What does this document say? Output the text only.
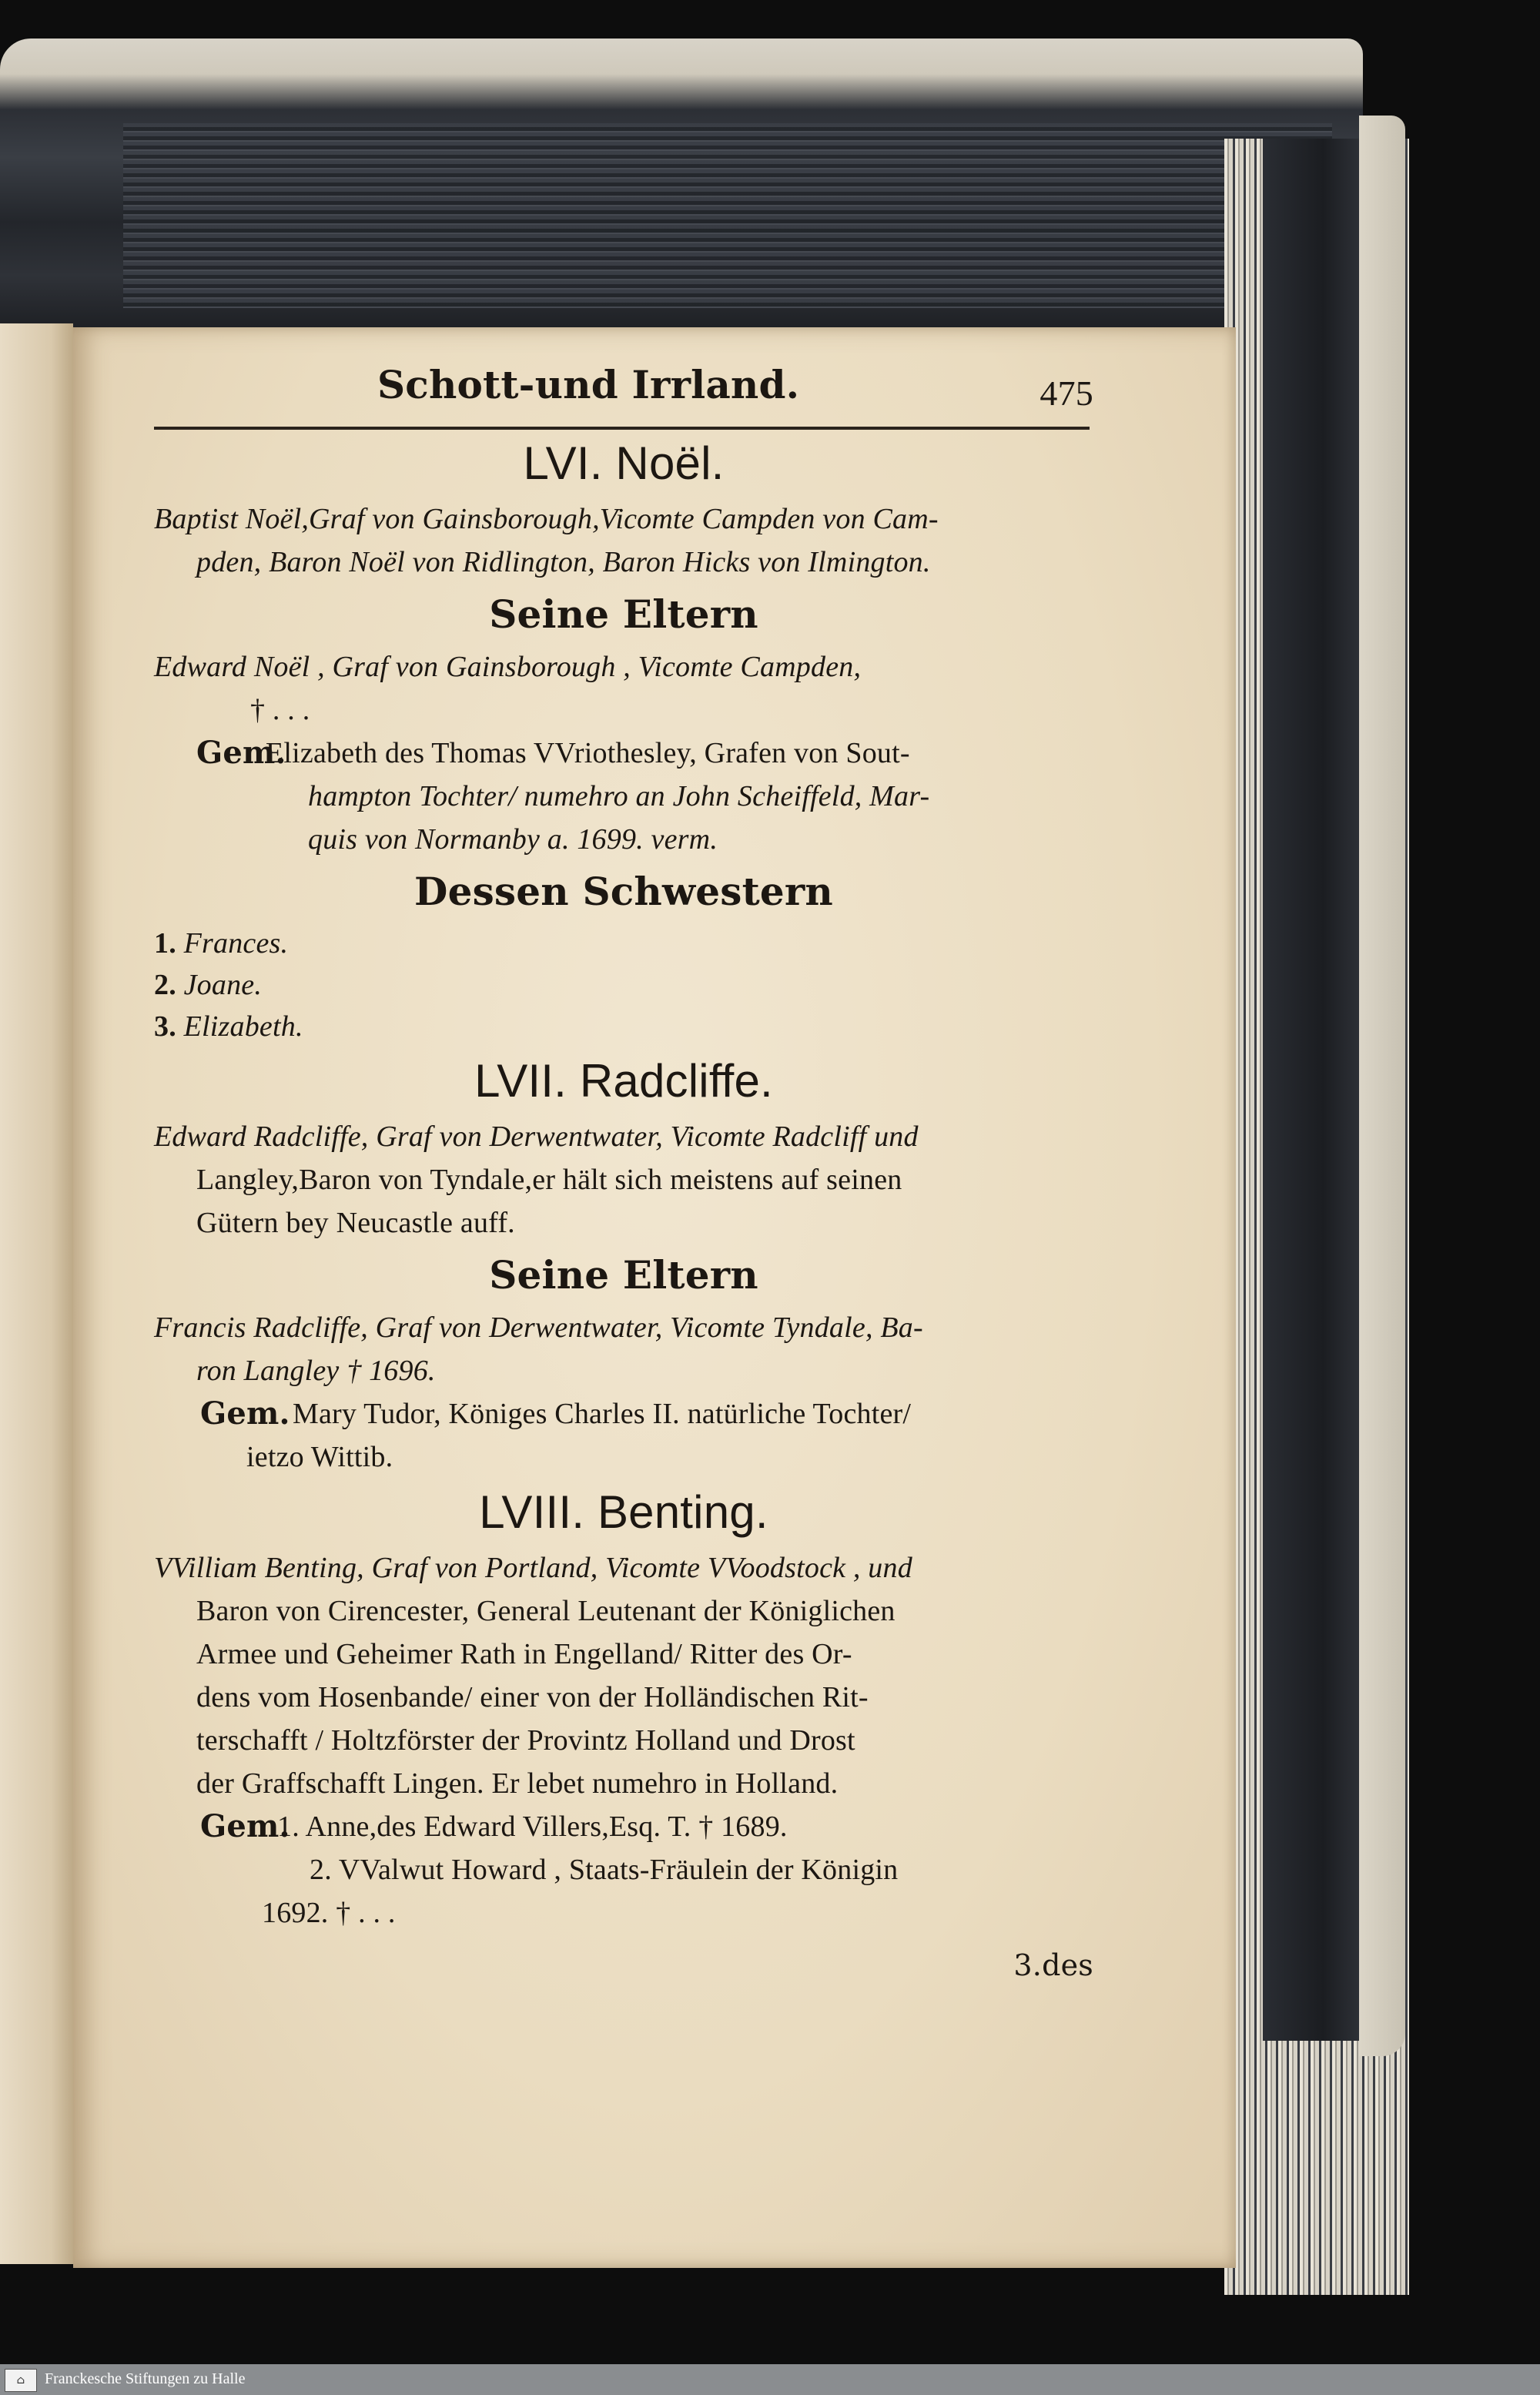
Schott-und Irrland.	475
LVI. Noël.
Baptist Noël,Graf von Gainsborough,Vicomte Campden von Cam-
pden, Baron Noël von Ridlington, Baron Hicks von Ilmington.
Seine Eltern
Edward Noël , Graf von Gainsborough , Vicomte Campden,
† . . .
Gem.
Elizabeth des Thomas VVriothesley, Grafen von Sout-
hampton Tochter/ numehro an John Scheiffeld, Mar-
quis von Normanby a. 1699. verm.
Dessen Schwestern
1. Frances.
2. Joane.
3. Elizabeth.
LVII. Radcliffe.
Edward Radcliffe, Graf von Derwentwater, Vicomte Radcliff und
Langley,Baron von Tyndale,er hält sich meistens auf seinen
Gütern bey Neucastle auff.
Seine Eltern
Francis Radcliffe, Graf von Derwentwater, Vicomte Tyndale, Ba-
ron Langley † 1696.
Gem. Mary Tudor, Königes Charles II. natürliche Tochter/
ietzo Wittib.
LVIII. Benting.
VVilliam Benting, Graf von Portland, Vicomte VVoodstock , und
Baron von Cirencester, General Leutenant der Königlichen
Armee und Geheimer Rath in Engelland/ Ritter des Or-
dens vom Hosenbande/ einer von der Holländischen Rit-
terschafft / Holtzförster der Provintz Holland und Drost
der Graffschafft Lingen. Er lebet numehro in Holland.
Gem.
1. Anne,des Edward Villers,Esq. T. † 1689.
2. VValwut Howard , Staats-Fräulein der Königin
1692. † . . .
3.des
⌂	Franckesche Stiftungen zu Halle
